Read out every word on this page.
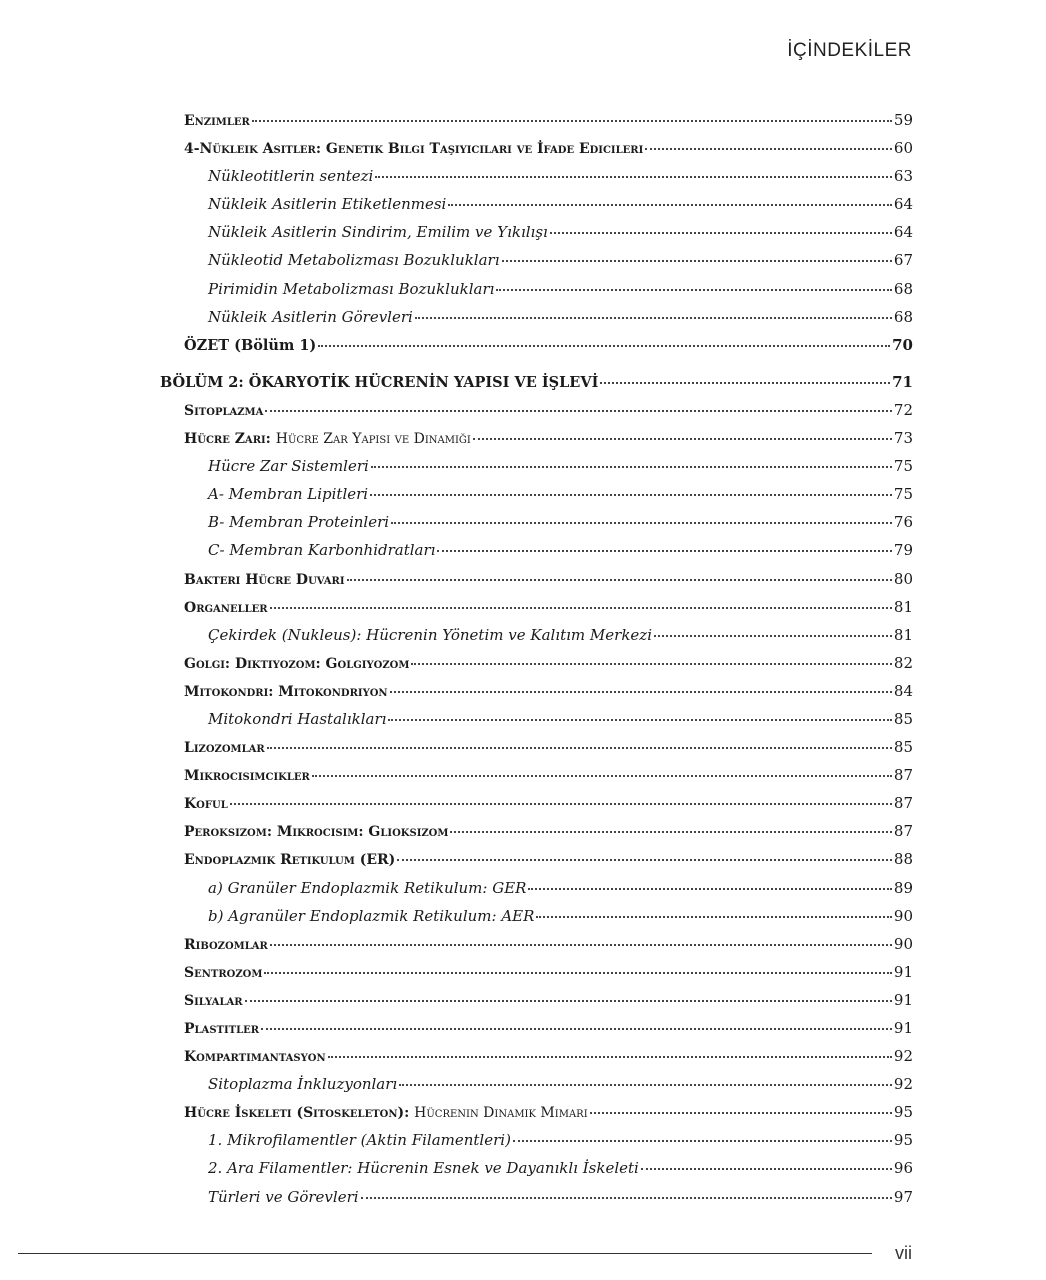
İÇİNDEKİLER
Enzimler	59
4-Nükleik Asitler: Genetik Bilgi Taşıyıcıları ve İfade Edicileri	60
Nükleotitlerin sentezi	63
Nükleik Asitlerin Etiketlenmesi	64
Nükleik Asitlerin Sindirim, Emilim ve Yıkılışı	64
Nükleotid Metabolizması Bozuklukları	67
Pirimidin Metabolizması Bozuklukları	68
Nükleik Asitlerin Görevleri	68
ÖZET (Bölüm 1)	70
BÖLÜM 2: ÖKARYOTİK HÜCRENİN YAPISI VE İŞLEVİ	71
Sitoplazma	72
Hücre Zarı: Hücre Zar Yapısı ve Dinamiği	73
Hücre Zar Sistemleri	75
A- Membran Lipitleri	75
B- Membran Proteinleri	76
C- Membran Karbonhidratları	79
Bakteri Hücre Duvarı	80
Organeller	81
Çekirdek (Nukleus): Hücrenin Yönetim ve Kalıtım Merkezi	81
Golgi: Diktiyozom: Golgiyozom	82
Mitokondri: Mitokondriyon	84
Mitokondri Hastalıkları	85
Lizozomlar	85
Mikrocisimcikler	87
Koful	87
Peroksizom: Mikrocisim: Glioksizom	87
Endoplazmik Retikulum (ER)	88
a) Granüler Endoplazmik Retikulum: GER	89
b) Agranüler Endoplazmik Retikulum: AER	90
Ribozomlar	90
Sentrozom	91
Silyalar	91
Plastitler	91
Kompartimantasyon	92
Sitoplazma İnkluzyonları	92
Hücre İskeleti (Sitoskeleton): Hücrenin Dinamik Mimarı	95
1. Mikrofilamentler (Aktin Filamentleri)	95
2. Ara Filamentler: Hücrenin Esnek ve Dayanıklı İskeleti	96
Türleri ve Görevleri	97
vii
